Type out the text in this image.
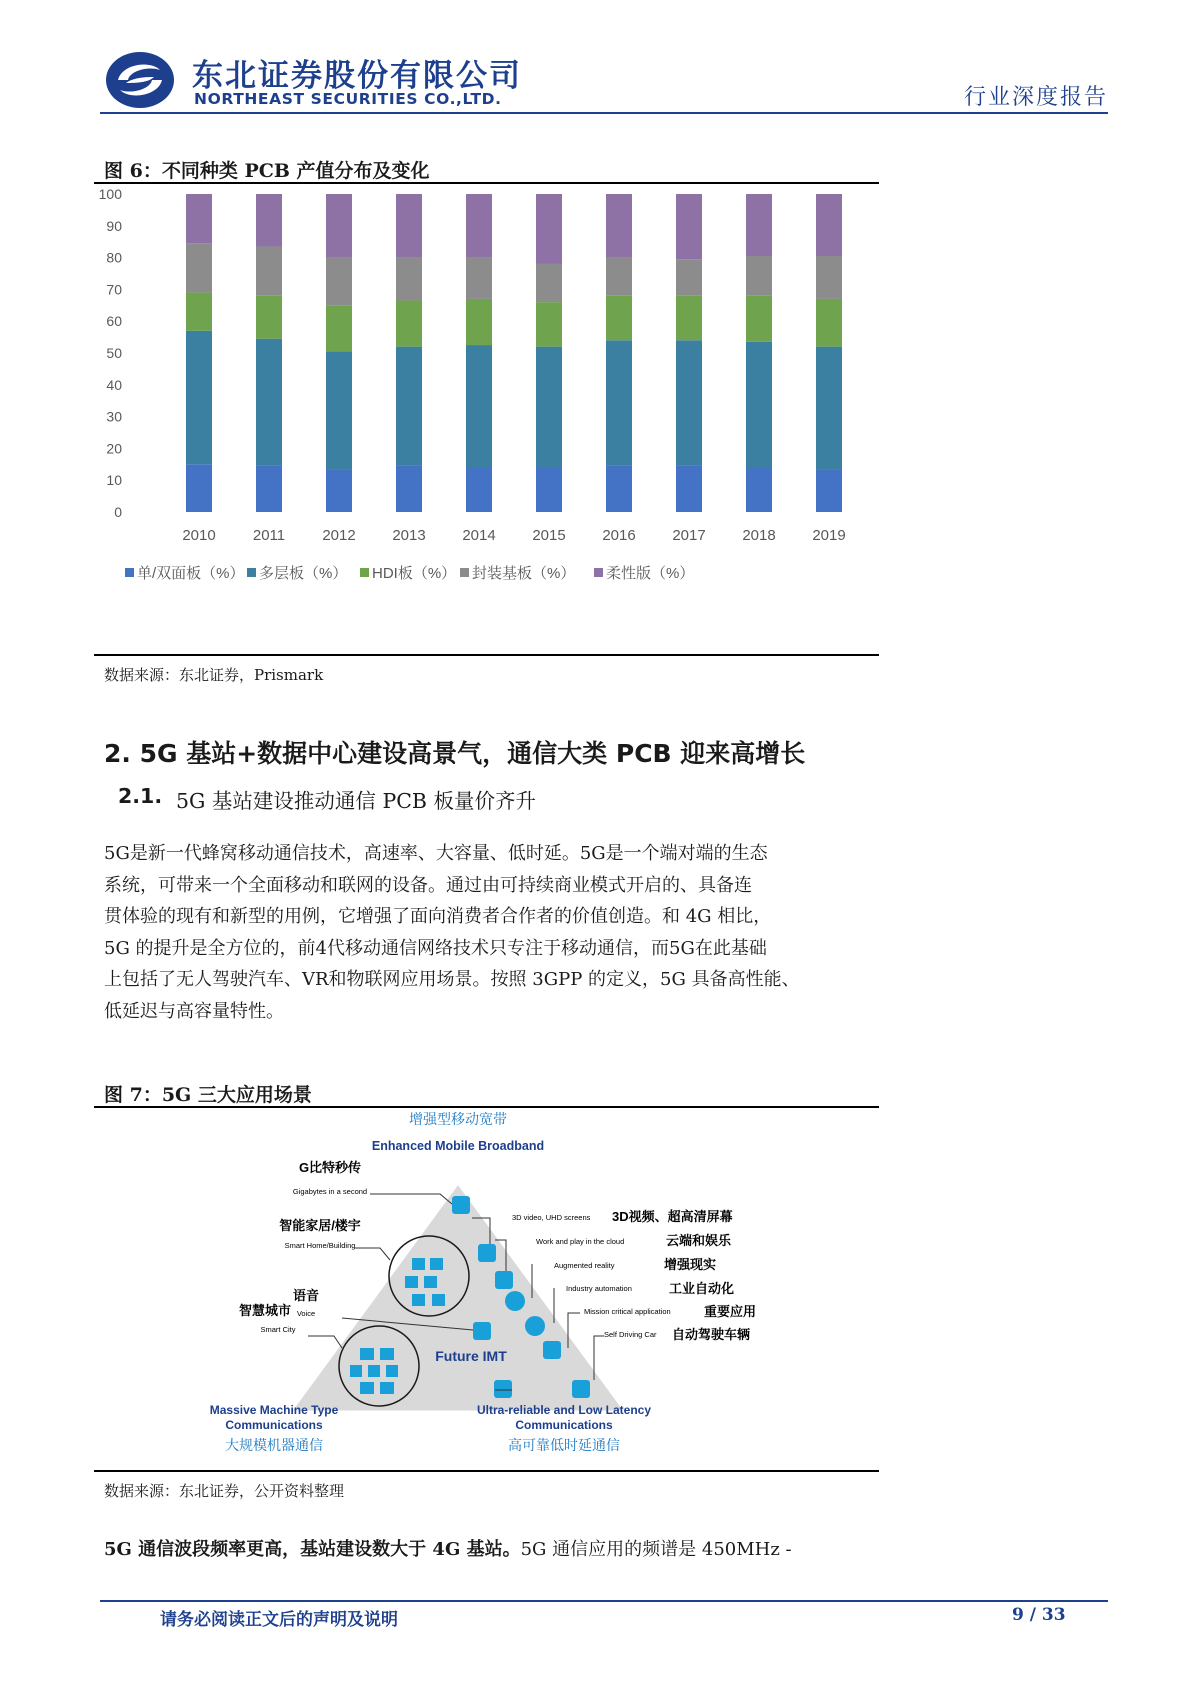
东北证券股份有限公司
NORTHEAST SECURITIES CO.,LTD.	行业深度报告
图 6：不同种类 PCB 产值分布及变化
0
10
20
30
40
50
60
70
80
90
100
2010 2011 2012 2013 2014 2015 2016 2017 2018 2019
单/双面板（%） 多层板（%） HDI板（%） 封装基板（%） 柔性版（%）
数据来源：东北证券，Prismark
2. 5G 基站+数据中心建设高景气，通信大类 PCB 迎来高增长
2.1. 5G 基站建设推动通信 PCB 板量价齐升

5G是新一代蜂窝移动通信技术，高速率、大容量、低时延。5G是一个端对端的生态

系统，可带来一个全面移动和联网的设备。通过由可持续商业模式开启的、具备连

贯体验的现有和新型的用例，它增强了面向消费者合作者的价值创造。和 4G 相比，

5G 的提升是全方位的，前4代移动通信网络技术只专注于移动通信，而5G在此基础

上包括了无人驾驶汽车、VR和物联网应用场景。按照 3GPP 的定义，5G 具备高性能、

低延迟与高容量特性。

图 7：5G 三大应用场景
增强型移动宽带
Enhanced Mobile Broadband
Future IMT
G比特秒传
Gigabytes in a second
智能家居/楼宇
Smart Home/Building
语音
Voice
智慧城市
Smart City
3D video, UHD screens 3D视频、超高清屏幕
Work and play in the cloud	云端和娱乐
Augmented reality	增强现实
Industry automation	工业自动化
Mission critical application	重要应用
Self Driving Car 自动驾驶车辆
Massive Machine Type
Communications
大规模机器通信
Ultra-reliable and Low Latency
Communications
高可靠低时延通信
数据来源：东北证券，公开资料整理
5G 通信波段频率更高，基站建设数大于 4G 基站。5G 通信应用的频谱是 450MHz -
请务必阅读正文后的声明及说明	9 / 33
